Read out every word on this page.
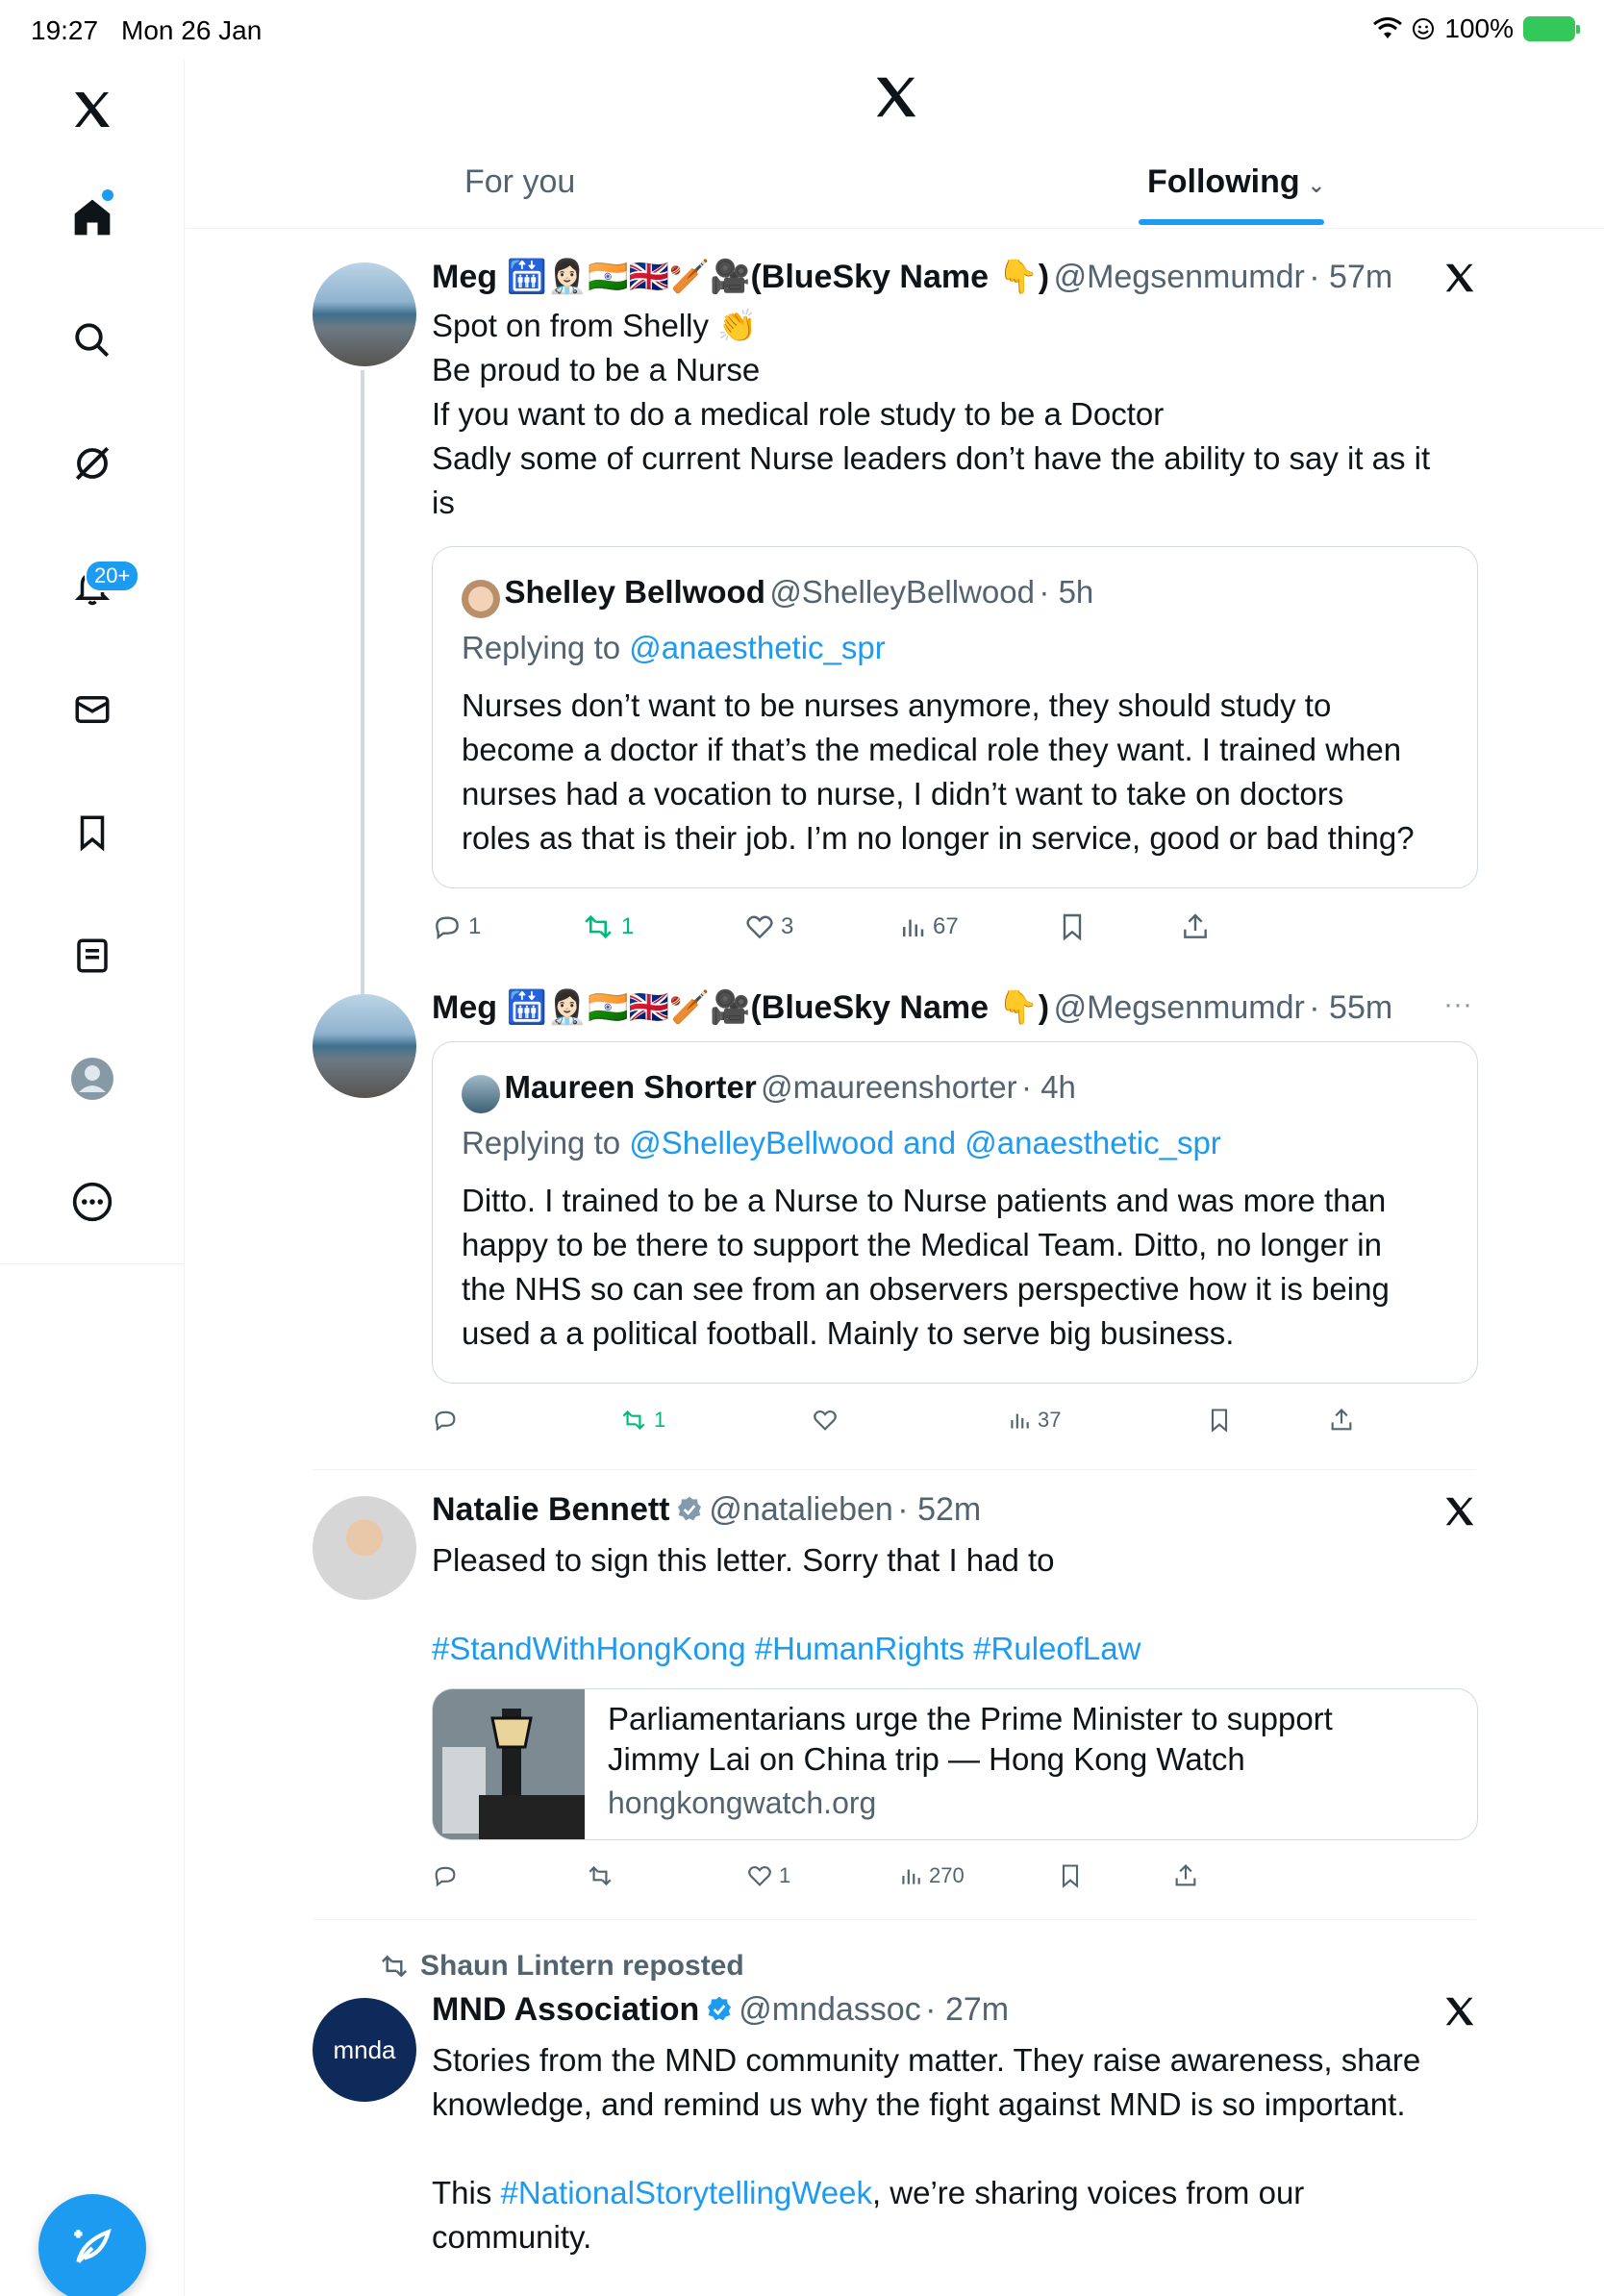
19:27 Mon 26 Jan	100%
20+
For you	Following ⌄
Meg 🛗👩🏻‍⚕️🇮🇳🇬🇧🏏🎥(BlueSky Name 👇) @Megsenmumdr · 57m
Spot on from Shelly 👏
Be proud to be a Nurse
If you want to do a medical role study to be a Doctor
Sadly some of current Nurse leaders don’t have the ability to say it as it
is
Shelley Bellwood @ShelleyBellwood · 5h
Replying to @anaesthetic_spr
Nurses don’t want to be nurses anymore, they should study to
become a doctor if that’s the medical role they want. I trained when
nurses had a vocation to nurse, I didn’t want to take on doctors
roles as that is their job. I’m no longer in service, good or bad thing?
1	1	3	67
Meg 🛗👩🏻‍⚕️🇮🇳🇬🇧🏏🎥(BlueSky Name 👇) @Megsenmumdr · 55m	···
Maureen Shorter @maureenshorter · 4h
Replying to @ShelleyBellwood and @anaesthetic_spr
Ditto. I trained to be a Nurse to Nurse patients and was more than
happy to be there to support the Medical Team. Ditto, no longer in
the NHS so can see from an observers perspective how it is being
used a a political football. Mainly to serve big business.
1	37
Natalie Bennett @natalieben · 52m
Pleased to sign this letter. Sorry that I had to
#StandWithHongKong #HumanRights #RuleofLaw
Parliamentarians urge the Prime Minister to support
Jimmy Lai on China trip — Hong Kong Watch
hongkongwatch.org
1	270
Shaun Lintern reposted
mnda
MND Association @mndassoc · 27m
Stories from the MND community matter. They raise awareness, share
knowledge, and remind us why the fight against MND is so important.
This #NationalStorytellingWeek, we’re sharing voices from our
community.
